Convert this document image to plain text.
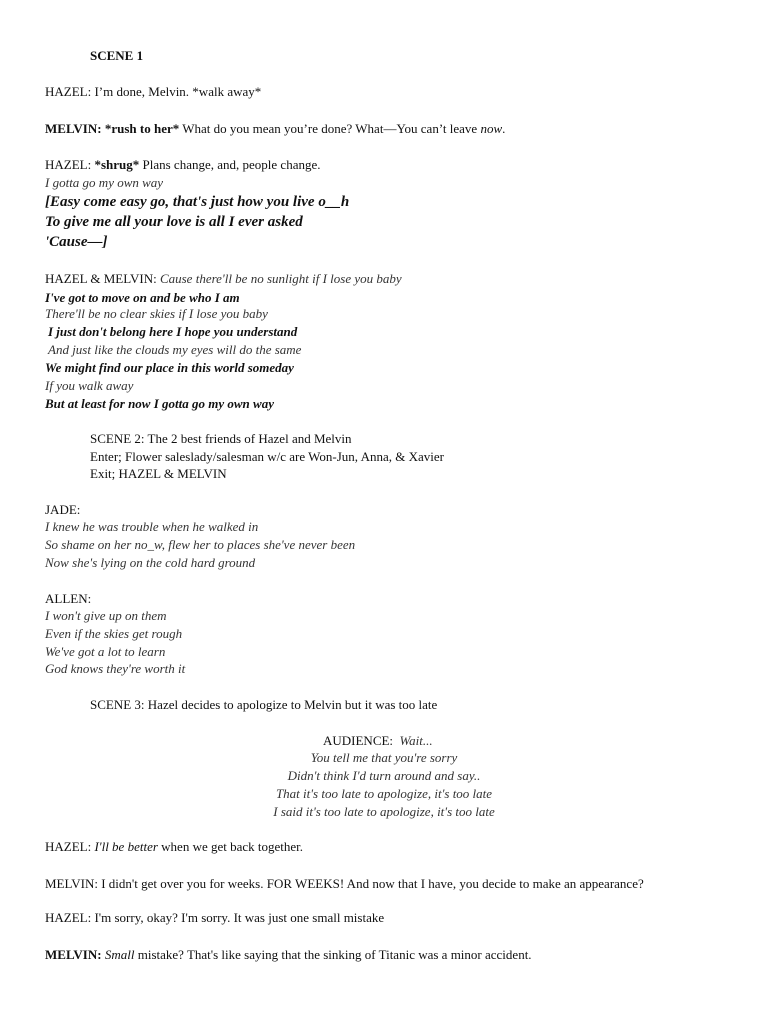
SCENE 1
HAZEL: I’m done, Melvin. *walk away*
MELVIN: *rush to her* What do you mean you’re done? What—You can’t leave now.
HAZEL: *shrug* Plans change, and, people change.
I gotta go my own way
[Easy come easy go, that's just how you live o__h
To give me all your love is all I ever asked
'Cause—]
HAZEL & MELVIN: Cause there'll be no sunlight if I lose you baby
I've got to move on and be who I am
There'll be no clear skies if I lose you baby
I just don't belong here I hope you understand
And just like the clouds my eyes will do the same
We might find our place in this world someday
If you walk away
But at least for now I gotta go my own way
SCENE 2: The 2 best friends of Hazel and Melvin
Enter; Flower saleslady/salesman w/c are Won-Jun, Anna, & Xavier
Exit; HAZEL & MELVIN
JADE:
I knew he was trouble when he walked in
So shame on her no_w, flew her to places she've never been
Now she's lying on the cold hard ground
ALLEN:
I won't give up on them
Even if the skies get rough
We've got a lot to learn
God knows they're worth it
SCENE 3: Hazel decides to apologize to Melvin but it was too late
AUDIENCE: Wait...
You tell me that you're sorry
Didn't think I'd turn around and say..
That it's too late to apologize, it's too late
I said it's too late to apologize, it's too late
HAZEL: I'll be better when we get back together.
MELVIN: I didn't get over you for weeks. FOR WEEKS! And now that I have, you decide to make an appearance?
HAZEL: I'm sorry, okay? I'm sorry. It was just one small mistake
MELVIN: Small mistake? That's like saying that the sinking of Titanic was a minor accident.
